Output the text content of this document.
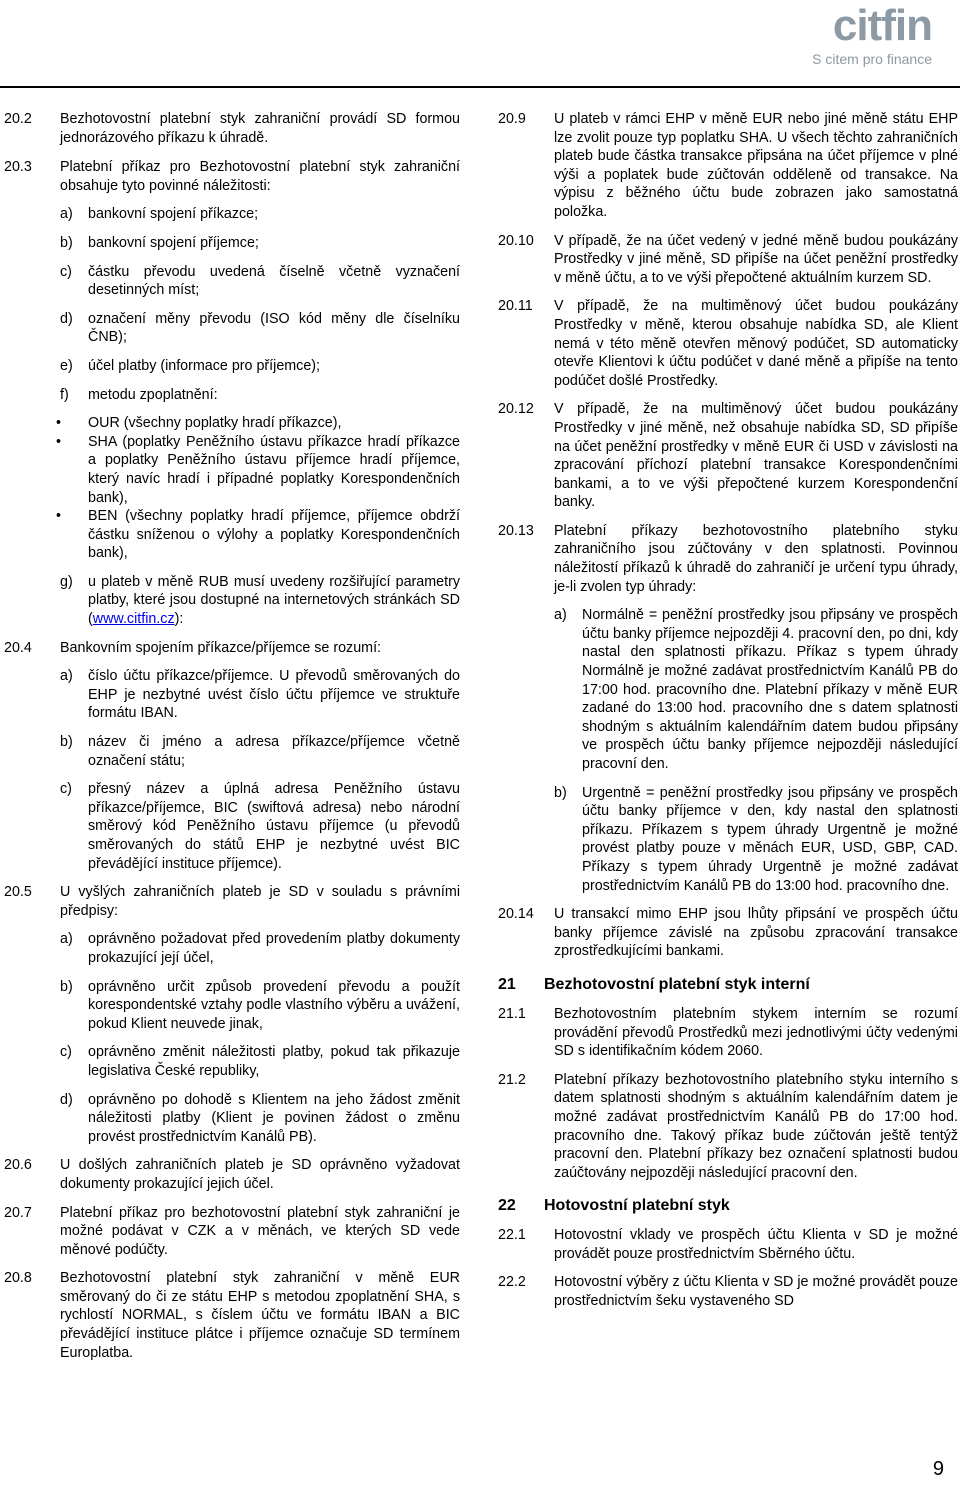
citfin
S citem pro finance
20.2	Bezhotovostní platební styk zahraniční provádí SD formou jednorázového příkazu k úhradě.
20.3	Platební příkaz pro Bezhotovostní platební styk zahraniční obsahuje tyto povinné náležitosti:
a)	bankovní spojení příkazce;
b)	bankovní spojení příjemce;
c)	částku převodu uvedená číselně včetně vyznačení desetinných míst;
d)	označení měny převodu (ISO kód měny dle číselníku ČNB);
e)	účel platby (informace pro příjemce);
f)	metodu zpoplatnění:
•	OUR (všechny poplatky hradí příkazce),
•	SHA (poplatky Peněžního ústavu příkazce hradí příkazce a poplatky Peněžního ústavu příjemce hradí příjemce, který navíc hradí i případné poplatky Korespondenčních bank),
•	BEN (všechny poplatky hradí příjemce, příjemce obdrží částku sníženou o výlohy a poplatky Korespondenčních bank),
g)	u plateb v měně RUB musí uvedeny rozšiřující parametry platby, které jsou dostupné na internetových stránkách SD (www.citfin.cz):
20.4	Bankovním spojením příkazce/příjemce se rozumí:
a)	číslo účtu příkazce/příjemce. U převodů směrovaných do EHP je nezbytné uvést číslo účtu příjemce ve struktuře formátu IBAN.
b)	název či jméno a adresa příkazce/příjemce včetně označení státu;
c)	přesný název a úplná adresa Peněžního ústavu příkazce/příjemce, BIC (swiftová adresa) nebo národní směrový kód Peněžního ústavu příjemce (u převodů směrovaných do států EHP je nezbytné uvést BIC převádějící instituce příjemce).
20.5	U vyšlých zahraničních plateb je SD v souladu s právními předpisy:
a)	oprávněno požadovat před provedením platby dokumenty prokazující její účel,
b)	oprávněno určit způsob provedení převodu a použít korespondentské vztahy podle vlastního výběru a uvážení, pokud Klient neuvede jinak,
c)	oprávněno změnit náležitosti platby, pokud tak přikazuje legislativa České republiky,
d)	oprávněno po dohodě s Klientem na jeho žádost změnit náležitosti platby (Klient je povinen žádost o změnu provést prostřednictvím Kanálů PB).
20.6	U došlých zahraničních plateb je SD oprávněno vyžadovat dokumenty prokazující jejich účel.
20.7	Platební příkaz pro bezhotovostní platební styk zahraniční je možné podávat v CZK a v měnách, ve kterých SD vede měnové podúčty.
20.8	Bezhotovostní platební styk zahraniční v měně EUR směrovaný do či ze státu EHP s metodou zpoplatnění SHA, s rychlostí NORMAL, s číslem účtu ve formátu IBAN a BIC převádějící instituce plátce i příjemce označuje SD termínem Europlatba.
20.9	U plateb v rámci EHP v měně EUR nebo jiné měně státu EHP lze zvolit pouze typ poplatku SHA. U všech těchto zahraničních plateb bude částka transakce připsána na účet příjemce v plné výši a poplatek bude zúčtován odděleně od transakce. Na výpisu z běžného účtu bude zobrazen jako samostatná položka.
20.10	V případě, že na účet vedený v jedné měně budou poukázány Prostředky v jiné měně, SD připíše na účet peněžní prostředky v měně účtu, a to ve výši přepočtené aktuálním kurzem SD.
20.11	V případě, že na multiměnový účet budou poukázány Prostředky v měně, kterou obsahuje nabídka SD, ale Klient nemá v této měně otevřen měnový podúčet, SD automaticky otevře Klientovi k účtu podúčet v dané měně a připíše na tento podúčet došlé Prostředky.
20.12	V případě, že na multiměnový účet budou poukázány Prostředky v jiné měně, než obsahuje nabídka SD, SD připíše na účet peněžní prostředky v měně EUR či USD v závislosti na zpracování příchozí platební transakce Korespondenčními bankami, a to ve výši přepočtené kurzem Korespondenční banky.
20.13	Platební příkazy bezhotovostního platebního styku zahraničního jsou zúčtovány v den splatnosti. Povinnou náležitostí příkazů k úhradě do zahraničí je určení typu úhrady, je-li zvolen typ úhrady:
a)	Normálně = peněžní prostředky jsou připsány ve prospěch účtu banky příjemce nejpozději 4. pracovní den, po dni, kdy nastal den splatnosti příkazu. Příkaz s typem úhrady Normálně je možné zadávat prostřednictvím Kanálů PB do 17:00 hod. pracovního dne. Platební příkazy v měně EUR zadané do 13:00 hod. pracovního dne s datem splatnosti shodným s aktuálním kalendářním datem budou připsány ve prospěch účtu banky příjemce nejpozději následující pracovní den.
b)	Urgentně = peněžní prostředky jsou připsány ve prospěch účtu banky příjemce v den, kdy nastal den splatnosti příkazu. Příkazem s typem úhrady Urgentně je možné provést platby pouze v měnách EUR, USD, GBP, CAD. Příkazy s typem úhrady Urgentně je možné zadávat prostřednictvím Kanálů PB do 13:00 hod. pracovního dne.
20.14	U transakcí mimo EHP jsou lhůty připsání ve prospěch účtu banky příjemce závislé na způsobu zpracování transakce zprostředkujícími bankami.
21	Bezhotovostní platební styk interní
21.1	Bezhotovostním platebním stykem interním se rozumí provádění převodů Prostředků mezi jednotlivými účty vedenými SD s identifikačním kódem 2060.
21.2	Platební příkazy bezhotovostního platebního styku interního s datem splatnosti shodným s aktuálním kalendářním datem je možné zadávat prostřednictvím Kanálů PB do 17:00 hod. pracovního dne. Takový příkaz bude zúčtován ještě tentýž pracovní den. Platební příkazy bez označení splatnosti budou zaúčtovány nejpozději následující pracovní den.
22	Hotovostní platební styk
22.1	Hotovostní vklady ve prospěch účtu Klienta v SD je možné provádět pouze prostřednictvím Sběrného účtu.
22.2	Hotovostní výběry z účtu Klienta v SD je možné provádět pouze prostřednictvím šeku vystaveného SD
9
